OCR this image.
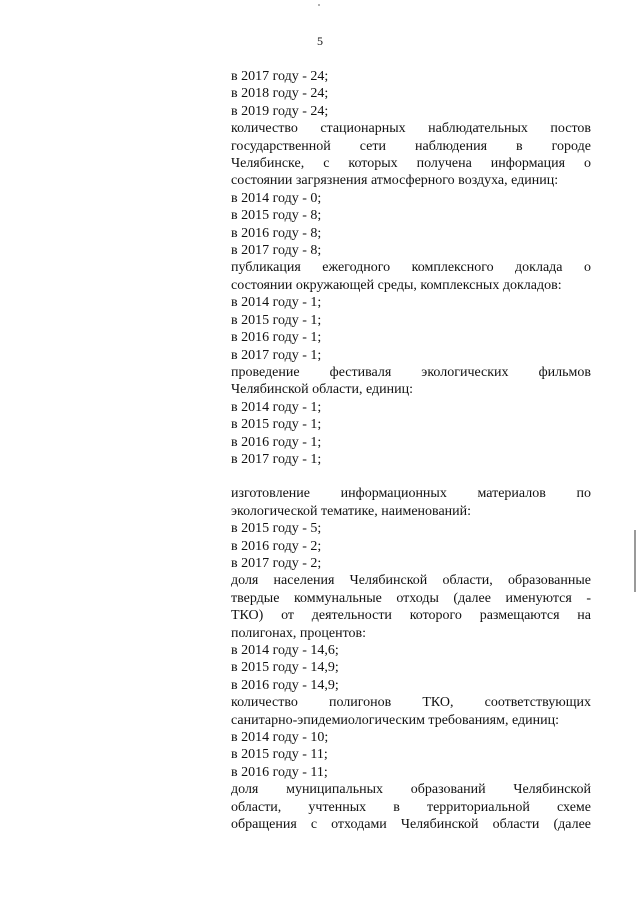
5
в 2017 году - 24;
в 2018 году - 24;
в 2019 году - 24;
количество стационарных наблюдательных постов
государственной сети наблюдения в городе
Челябинске, с которых получена информация о
состоянии загрязнения атмосферного воздуха, единиц:
в 2014 году - 0;
в 2015 году - 8;
в 2016 году - 8;
в 2017 году - 8;
публикация ежегодного комплексного доклада о
состоянии окружающей среды, комплексных докладов:
в 2014 году - 1;
в 2015 году - 1;
в 2016 году - 1;
в 2017 году - 1;
проведение фестиваля экологических фильмов
Челябинской области, единиц:
в 2014 году - 1;
в 2015 году - 1;
в 2016 году - 1;
в 2017 году - 1;
изготовление информационных материалов по
экологической тематике, наименований:
в 2015 году - 5;
в 2016 году - 2;
в 2017 году - 2;
доля населения Челябинской области, образованные
твердые коммунальные отходы (далее именуются -
ТКО) от деятельности которого размещаются на
полигонах, процентов:
в 2014 году - 14,6;
в 2015 году - 14,9;
в 2016 году - 14,9;
количество полигонов ТКО, соответствующих
санитарно-эпидемиологическим требованиям, единиц:
в 2014 году - 10;
в 2015 году - 11;
в 2016 году - 11;
доля муниципальных образований Челябинской
области, учтенных в территориальной схеме
обращения с отходами Челябинской области (далее
